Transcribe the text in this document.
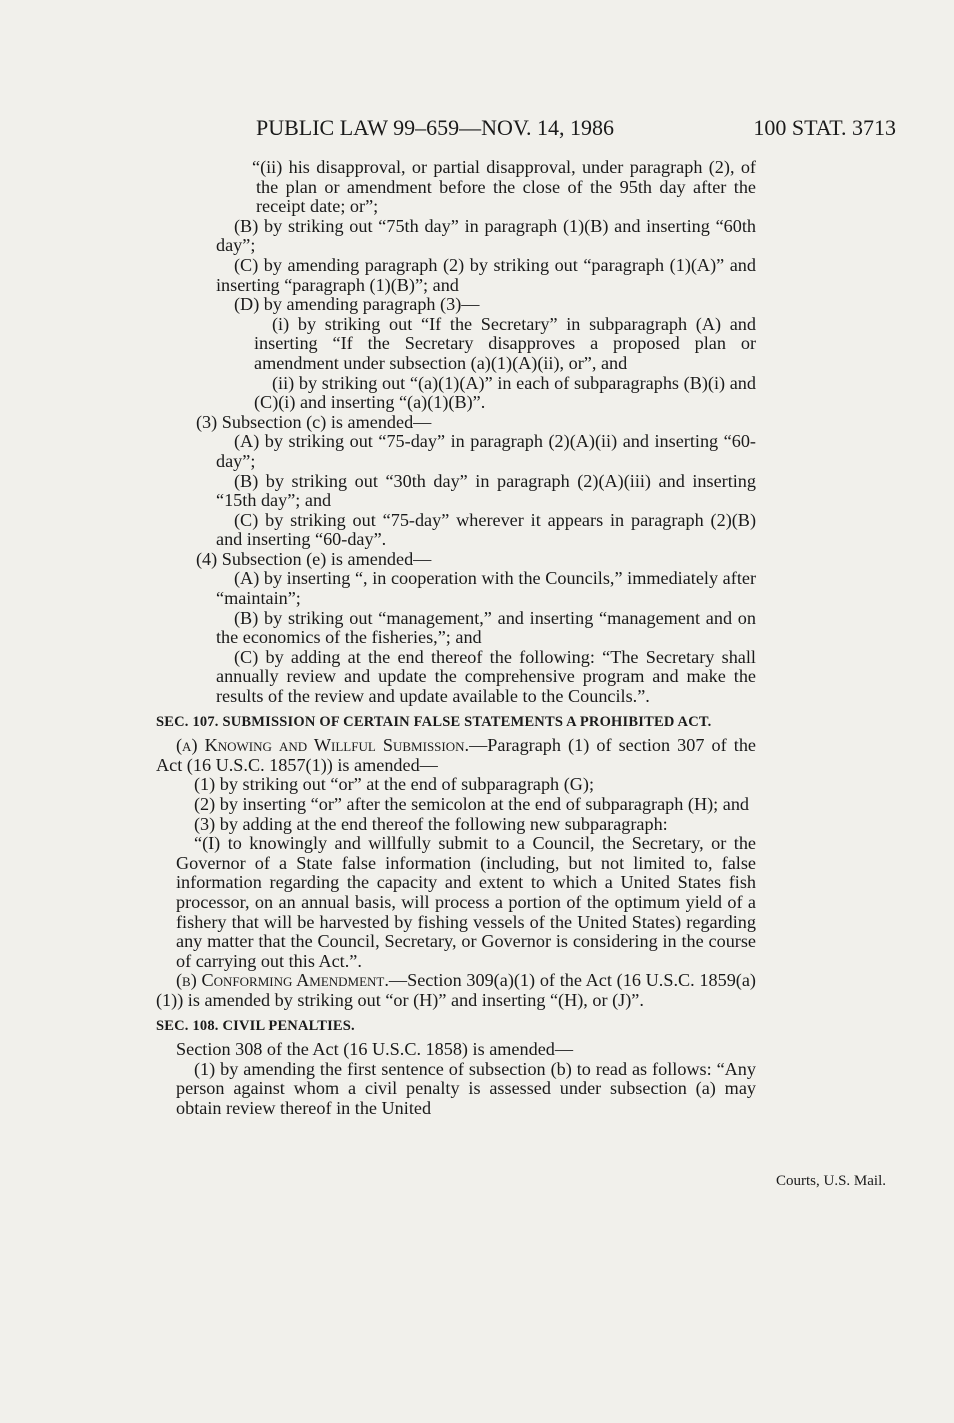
PUBLIC LAW 99–659—NOV. 14, 1986	100 STAT. 3713

“(ii) his disapproval, or partial disapproval, under paragraph (2), of the plan or amendment before the close of the 95th day after the receipt date; or”;

(B) by striking out “75th day” in paragraph (1)(B) and inserting “60th day”;

(C) by amending paragraph (2) by striking out “paragraph (1)(A)” and inserting “paragraph (1)(B)”; and

(D) by amending paragraph (3)—

(i) by striking out “If the Secretary” in subparagraph (A) and inserting “If the Secretary disapproves a proposed plan or amendment under subsection (a)(1)(A)(ii), or”, and

(ii) by striking out “(a)(1)(A)” in each of subparagraphs (B)(i) and (C)(i) and inserting “(a)(1)(B)”.

(3) Subsection (c) is amended—

(A) by striking out “75-day” in paragraph (2)(A)(ii) and inserting “60-day”;

(B) by striking out “30th day” in paragraph (2)(A)(iii) and inserting “15th day”; and

(C) by striking out “75-day” wherever it appears in paragraph (2)(B) and inserting “60-day”.

(4) Subsection (e) is amended—

(A) by inserting “, in cooperation with the Councils,” immediately after “maintain”;

(B) by striking out “management,” and inserting “management and on the economics of the fisheries,”; and

(C) by adding at the end thereof the following: “The Secretary shall annually review and update the comprehensive program and make the results of the review and update available to the Councils.”.

SEC. 107. SUBMISSION OF CERTAIN FALSE STATEMENTS A PROHIBITED ACT.

(a) Knowing and Willful Submission.—Paragraph (1) of section 307 of the Act (16 U.S.C. 1857(1)) is amended—

(1) by striking out “or” at the end of subparagraph (G);

(2) by inserting “or” after the semicolon at the end of subparagraph (H); and

(3) by adding at the end thereof the following new subparagraph:

“(I) to knowingly and willfully submit to a Council, the Secretary, or the Governor of a State false information (including, but not limited to, false information regarding the capacity and extent to which a United States fish processor, on an annual basis, will process a portion of the optimum yield of a fishery that will be harvested by fishing vessels of the United States) regarding any matter that the Council, Secretary, or Governor is considering in the course of carrying out this Act.”.

(b) Conforming Amendment.—Section 309(a)(1) of the Act (16 U.S.C. 1859(a)(1)) is amended by striking out “or (H)” and inserting “(H), or (J)”.

SEC. 108. CIVIL PENALTIES.

Section 308 of the Act (16 U.S.C. 1858) is amended—

(1) by amending the first sentence of subsection (b) to read as follows: “Any person against whom a civil penalty is assessed under subsection (a) may obtain review thereof in the United

Courts, U.S. Mail.
